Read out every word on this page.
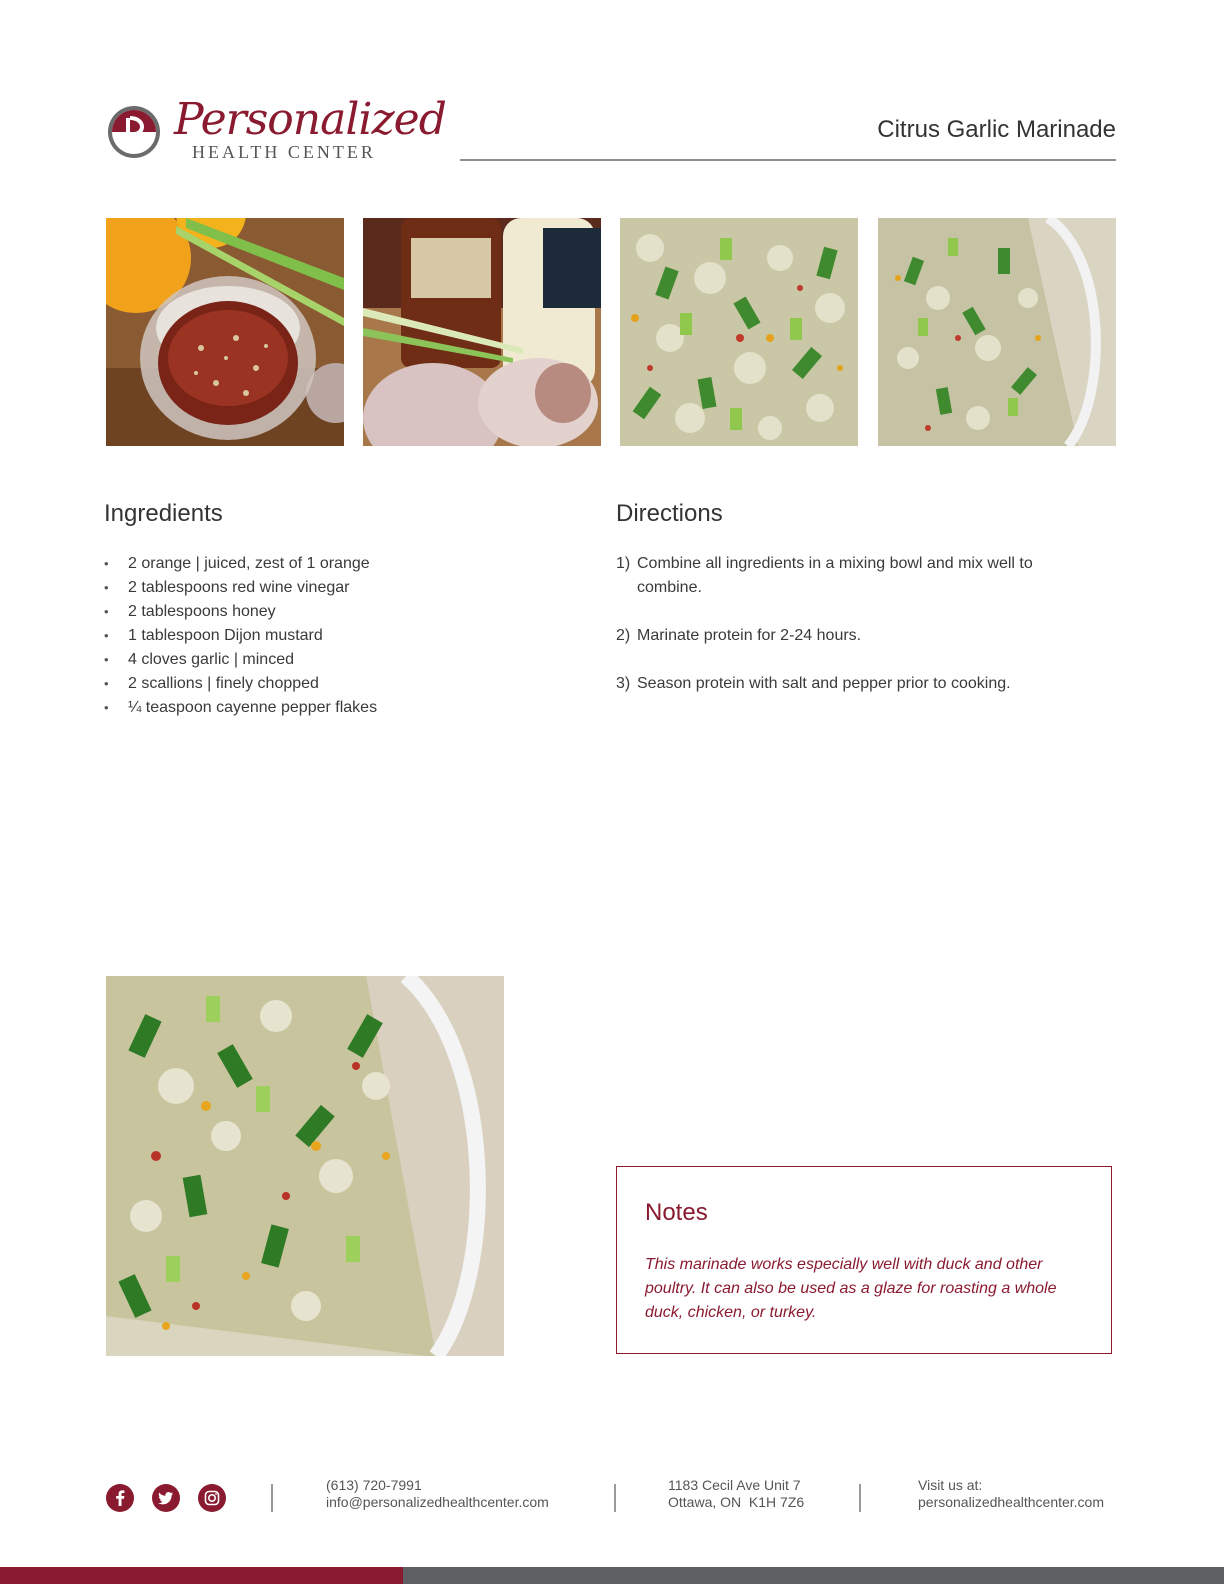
Personalized
HEALTH CENTER
Citrus Garlic Marinade
Ingredients
• 2 orange | juiced, zest of 1 orange
• 2 tablespoons red wine vinegar
• 2 tablespoons honey
• 1 tablespoon Dijon mustard
• 4 cloves garlic | minced
• 2 scallions | finely chopped
• ¼ teaspoon cayenne pepper flakes
Directions
1) Combine all ingredients in a mixing bowl and mix well to combine.
2) Marinate protein for 2-24 hours.
3) Season protein with salt and pepper prior to cooking.
Notes
This marinade works especially well with duck and other poultry. It can also be used as a glaze for roasting a whole duck, chicken, or turkey.
(613) 720-7991
info@personalizedhealthcenter.com
1183 Cecil Ave Unit 7
Ottawa, ON  K1H 7Z6
Visit us at:
personalizedhealthcenter.com
